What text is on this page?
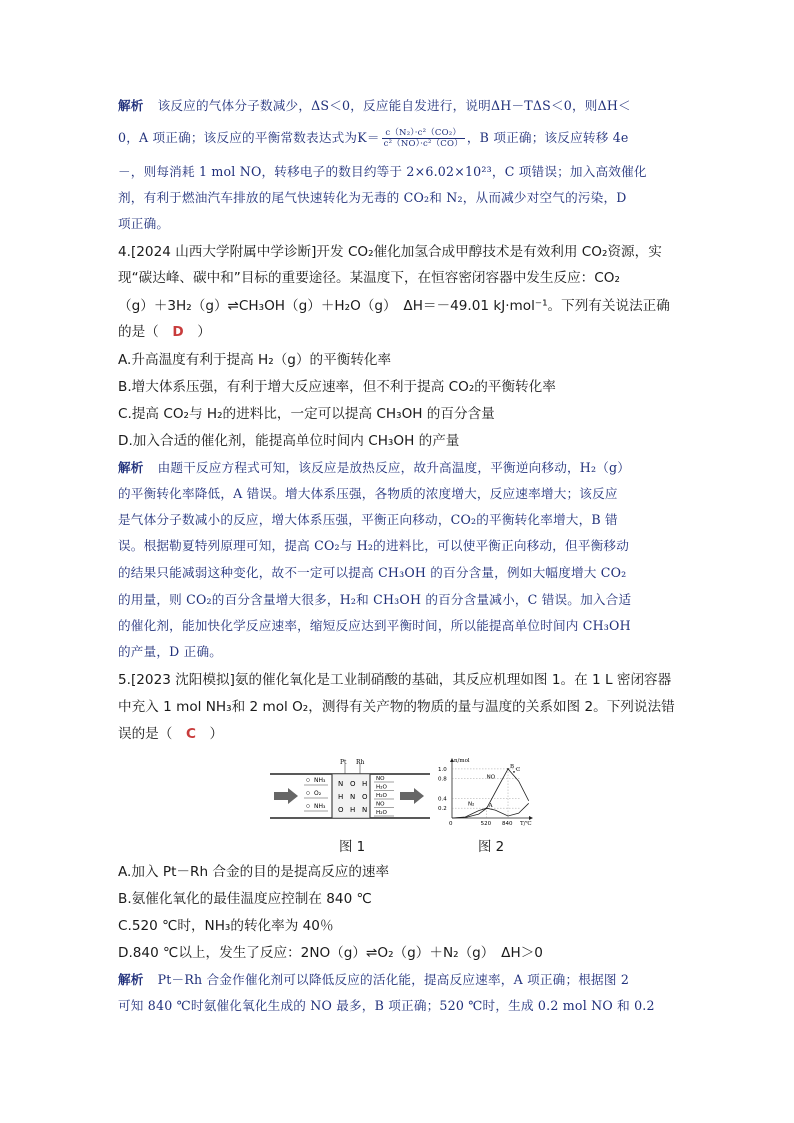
解析 该反应的气体分子数减少，ΔS＜0，反应能自发进行，说明ΔH－TΔS＜0，则ΔH＜
0，A 项正确；该反应的平衡常数表达式为$K= \frac{\text{c（N₂）·c²（CO₂）}}{\text{c²（NO）·c²（CO）}}$ ，B 项正确；该反应转移 4e
－，则每消耗 1 mol NO，转移电子的数目约等于 2×6.02×10²³，C 项错误；加入高效催化
剂，有利于燃油汽车排放的尾气快速转化为无毒的 CO₂和 N₂，从而减少对空气的污染，D
项正确。
4.[2024 山西大学附属中学诊断]开发 CO₂催化加氢合成甲醇技术是有效利用 CO₂资源，实
现“碳达峰、碳中和”目标的重要途径。某温度下，在恒容密闭容器中发生反应：CO₂
（g）＋3H₂（g）⇌CH₃OH（g）＋H₂O（g）　ΔH＝－49.01 kJ·mol⁻¹。下列有关说法正确
的是（　D　）
A.升高温度有利于提高 H₂（g）的平衡转化率
B.增大体系压强，有利于增大反应速率，但不利于提高 CO₂的平衡转化率
C.提高 CO₂与 H₂的进料比，一定可以提高 CH₃OH 的百分含量
D.加入合适的催化剂，能提高单位时间内 CH₃OH 的产量
解析 由题干反应方程式可知，该反应是放热反应，故升高温度，平衡逆向移动，H₂（g）
的平衡转化率降低，A 错误。增大体系压强，各物质的浓度增大，反应速率增大；该反应
是气体分子数减小的反应，增大体系压强，平衡正向移动，CO₂的平衡转化率增大，B 错
误。根据勒夏特列原理可知，提高 CO₂与 H₂的进料比，可以使平衡正向移动，但平衡移动
的结果只能减弱这种变化，故不一定可以提高 CH₃OH 的百分含量，例如大幅度增大 CO₂
的用量，则 CO₂的百分含量增大很多，H₂和 CH₃OH 的百分含量减小，C 错误。加入合适
的催化剂，能加快化学反应速率，缩短反应达到平衡时间，所以能提高单位时间内 CH₃OH
的产量，D 正确。
5.[2023 沈阳模拟]氨的催化氧化是工业制硝酸的基础，其反应机理如图 1。在 1 L 密闭容器
中充入 1 mol NH₃和 2 mol O₂，测得有关产物的物质的量与温度的关系如图 2。下列说法错
误的是（　C　）
A.加入 Pt－Rh 合金的目的是提高反应的速率
B.氨催化氧化的最佳温度应控制在 840 ℃
C.520 ℃时，NH₃的转化率为 40％
D.840 ℃以上，发生了反应：2NO（g）⇌O₂（g）＋N₂（g）　ΔH＞0
解析 Pt－Rh 合金作催化剂可以降低反应的活化能，提高反应速率，A 项正确；根据图 2
可知 840 ℃时氨催化氧化生成的 NO 最多，B 项正确；520 ℃时，生成 0.2 mol NO 和 0.2
Pt Rh
N O H
H N O
O H N
NH₃
O₂
NH₃
NO
H₂O
H₂O
NO
H₂O
图 1
n/mol
0.2
0.4
0.8
1.0
0	520 840 T/℃
NO
N₂	A
B C
图 2
